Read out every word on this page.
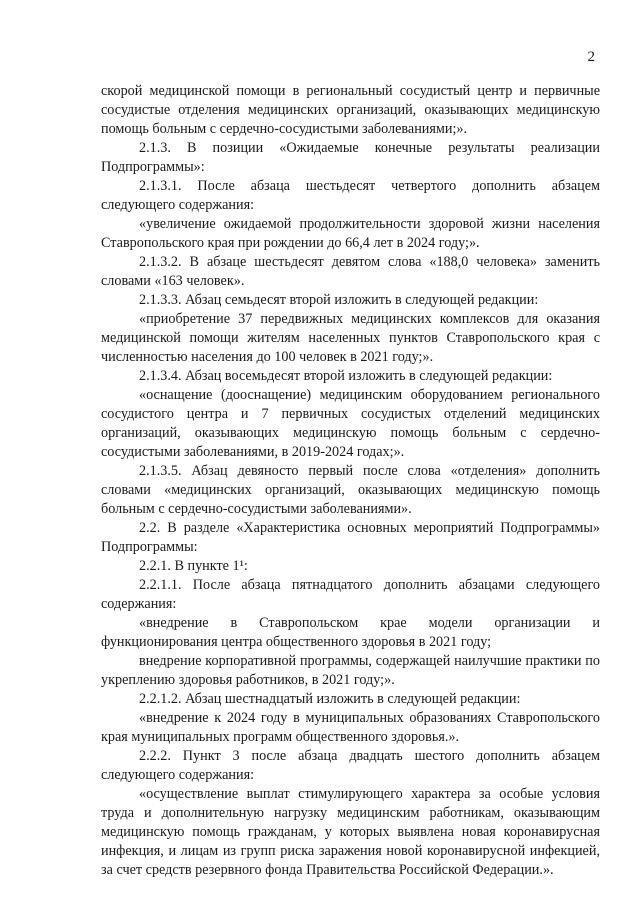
2

скорой медицинской помощи в региональный сосудистый центр и первичные сосудистые отделения медицинских организаций, оказывающих медицинскую помощь больным с сердечно-сосудистыми заболеваниями;».

2.1.3. В позиции «Ожидаемые конечные результаты реализации Подпрограммы»:

2.1.3.1. После абзаца шестьдесят четвертого дополнить абзацем следующего содержания:

«увеличение ожидаемой продолжительности здоровой жизни населения Ставропольского края при рождении до 66,4 лет в 2024 году;».

2.1.3.2. В абзаце шестьдесят девятом слова «188,0 человека» заменить словами «163 человек».

2.1.3.3. Абзац семьдесят второй изложить в следующей редакции:

«приобретение 37 передвижных медицинских комплексов для оказания медицинской помощи жителям населенных пунктов Ставропольского края с численностью населения до 100 человек в 2021 году;».

2.1.3.4. Абзац восемьдесят второй изложить в следующей редакции:

«оснащение (дооснащение) медицинским оборудованием регионального сосудистого центра и 7 первичных сосудистых отделений медицинских организаций, оказывающих медицинскую помощь больным с сердечно-сосудистыми заболеваниями, в 2019-2024 годах;».

2.1.3.5. Абзац девяносто первый после слова «отделения» дополнить словами «медицинских организаций, оказывающих медицинскую помощь больным с сердечно-сосудистыми заболеваниями».

2.2. В разделе «Характеристика основных мероприятий Подпрограммы» Подпрограммы:

2.2.1. В пункте 1¹:

2.2.1.1. После абзаца пятнадцатого дополнить абзацами следующего содержания:

«внедрение в Ставропольском крае модели организации и функционирования центра общественного здоровья в 2021 году;

внедрение корпоративной программы, содержащей наилучшие практики по укреплению здоровья работников, в 2021 году;».

2.2.1.2. Абзац шестнадцатый изложить в следующей редакции:

«внедрение к 2024 году в муниципальных образованиях Ставропольского края муниципальных программ общественного здоровья.».

2.2.2. Пункт 3 после абзаца двадцать шестого дополнить абзацем следующего содержания:

«осуществление выплат стимулирующего характера за особые условия труда и дополнительную нагрузку медицинским работникам, оказывающим медицинскую помощь гражданам, у которых выявлена новая коронавирусная инфекция, и лицам из групп риска заражения новой коронавирусной инфекцией, за счет средств резервного фонда Правительства Российской Федерации.».
